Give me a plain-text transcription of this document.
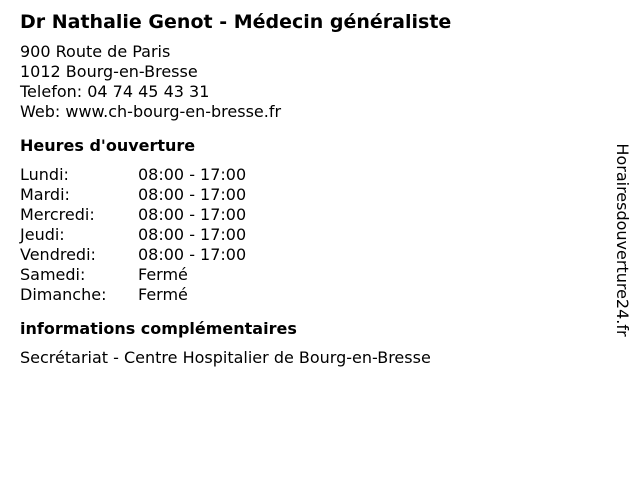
Dr Nathalie Genot - Médecin généraliste
900 Route de Paris
1012 Bourg-en-Bresse
Telefon: 04 74 45 43 31
Web: www.ch-bourg-en-bresse.fr
Heures d'ouverture
Lundi:	08:00 - 17:00
Mardi:	08:00 - 17:00
Mercredi:	08:00 - 17:00
Jeudi:	08:00 - 17:00
Vendredi:	08:00 - 17:00
Samedi:	Fermé
Dimanche:	Fermé
informations complémentaires
Secrétariat - Centre Hospitalier de Bourg-en-Bresse
Horairesdouverture24.fr
